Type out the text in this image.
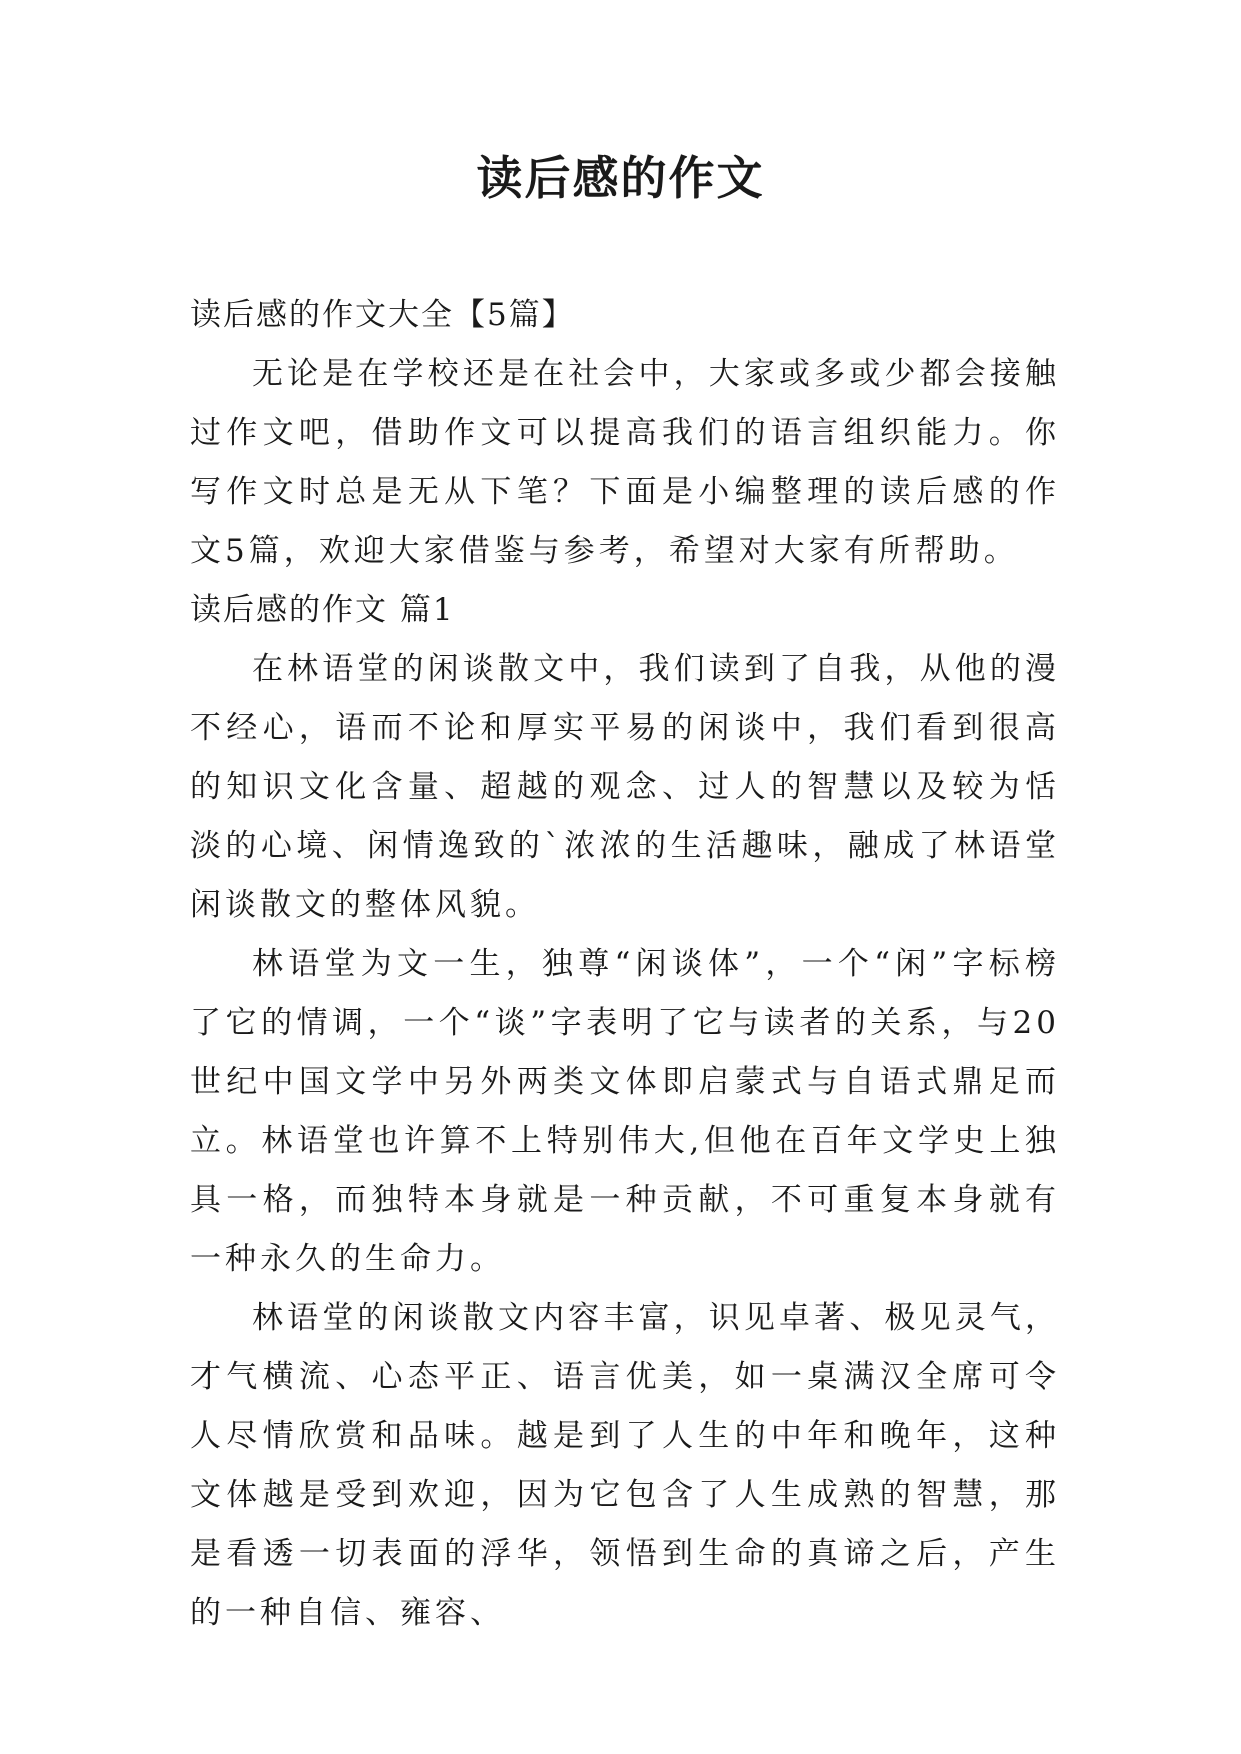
读后感的作文
读后感的作文大全【5篇】

无论是在学校还是在社会中，大家或多或少都会接触过作文吧，借助作文可以提高我们的语言组织能力。你写作文时总是无从下笔？下面是小编整理的读后感的作文5篇，欢迎大家借鉴与参考，希望对大家有所帮助。

读后感的作文 篇1

在林语堂的闲谈散文中，我们读到了自我，从他的漫不经心，语而不论和厚实平易的闲谈中，我们看到很高的知识文化含量、超越的观念、过人的智慧以及较为恬淡的心境、闲情逸致的`浓浓的生活趣味，融成了林语堂闲谈散文的整体风貌。

林语堂为文一生，独尊“闲谈体”，一个“闲”字标榜了它的情调，一个“谈”字表明了它与读者的关系，与20世纪中国文学中另外两类文体即启蒙式与自语式鼎足而立。林语堂也许算不上特别伟大,但他在百年文学史上独具一格，而独特本身就是一种贡献，不可重复本身就有一种永久的生命力。

林语堂的闲谈散文内容丰富，识见卓著、极见灵气，才气横流、心态平正、语言优美，如一桌满汉全席可令人尽情欣赏和品味。越是到了人生的中年和晚年，这种文体越是受到欢迎，因为它包含了人生成熟的智慧，那是看透一切表面的浮华，领悟到生命的真谛之后，产生的一种自信、雍容、
